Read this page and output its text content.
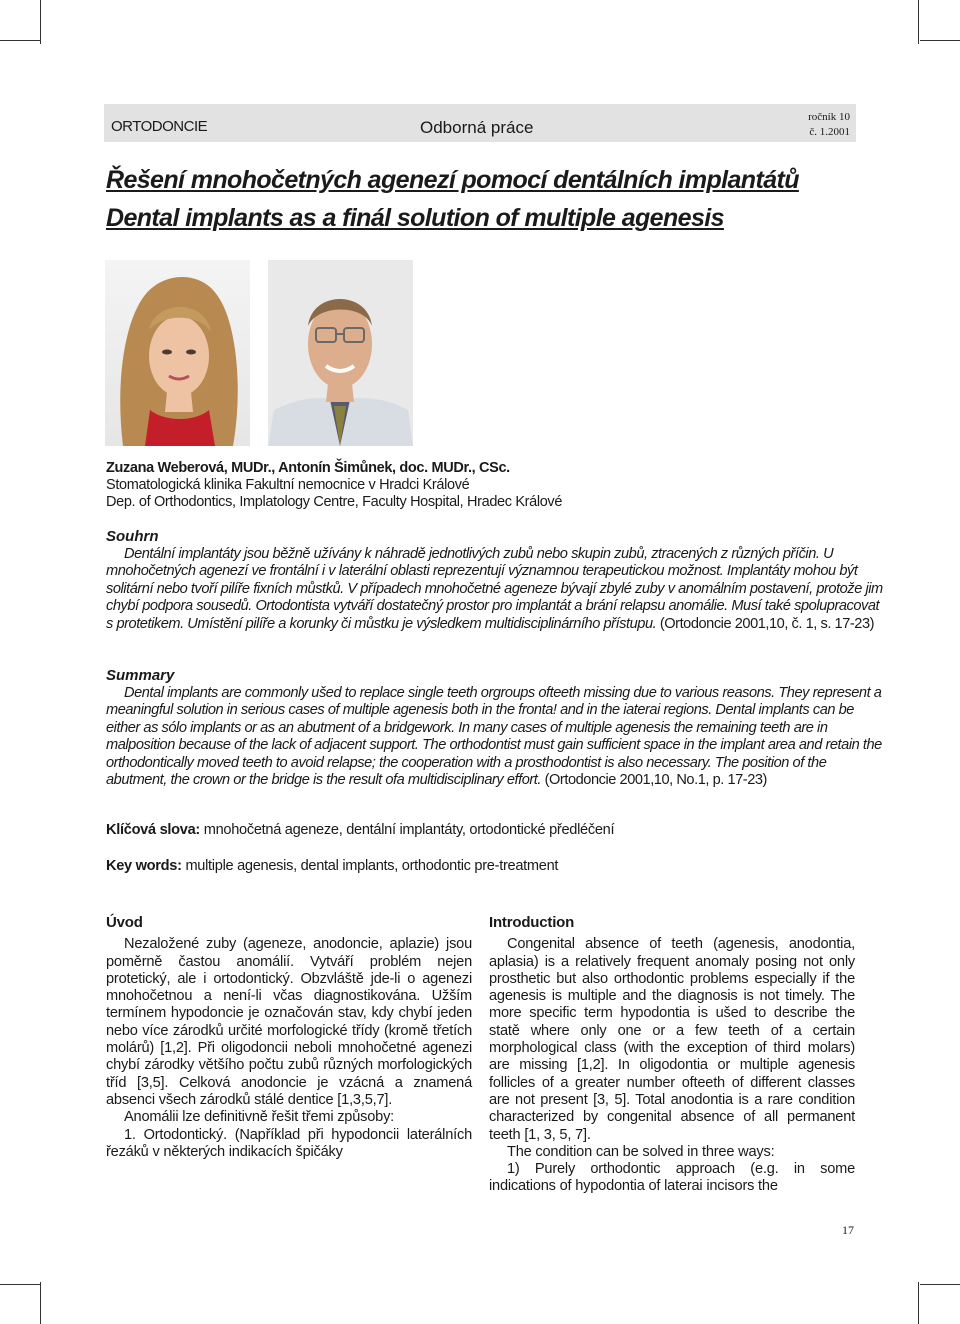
ORTODONCIE	Odborná práce
ročník 10
č. 1.2001
Řešení mnohočetných agenezí pomocí dentálních implantátů
Dental implants as a finál solution of multiple agenesis
Zuzana Weberová, MUDr., Antonín Šimůnek, doc. MUDr., CSc.
Stomatologická klinika Fakultní nemocnice v Hradci Králové
Dep. of Orthodontics, Implatology Centre, Faculty Hospital, Hradec Králové
Souhrn

Dentální implantáty jsou běžně užívány k náhradě jednotlivých zubů nebo skupin zubů, ztracených z různých příčin. U mnohočetných agenezí ve frontální i v laterální oblasti reprezentují významnou terapeutickou možnost. Implantáty mohou být solitární nebo tvoří pilíře fixních můstků. V případech mnohočetné ageneze bývají zbylé zuby v anomálním postavení, protože jim chybí podpora sousedů. Ortodontista vytváří dostatečný prostor pro implantát a brání relapsu anomálie. Musí také spolupracovat s protetikem. Umístění pilíře a korunky či můstku je výsledkem multidisciplinárního přístupu. (Ortodoncie 2001,10, č. 1, s. 17-23)

Summary

Dental implants are commonly ušed to replace single teeth orgroups ofteeth missing due to various reasons. They represent a meaningful solution in serious cases of multiple agenesis both in the fronta! and in the iaterai regions. Dental implants can be either as sólo implants or as an abutment of a bridgework. In many cases of multiple agenesis the remaining teeth are in malposition because of the lack of adjacent support. The orthodontist must gain sufficient space in the implant area and retain the orthodontically moved teeth to avoid relapse; the cooperation with a prosthodontist is also necessary. The position of the abutment, the crown or the bridge is the result ofa multidisciplinary effort. (Ortodoncie 2001,10, No.1, p. 17-23)

Klíčová slova: mnohočetná ageneze, dentální implantáty, ortodontické předléčení
Key words: multiple agenesis, dental implants, orthodontic pre-treatment
Úvod

Nezaložené zuby (ageneze, anodoncie, aplazie) jsou poměrně častou anomálií. Vytváří problém nejen protetický, ale i ortodontický. Obzvláště jde-li o agenezi mnohočetnou a není-li včas diagnostikována. Užším termínem hypodoncie je označován stav, kdy chybí jeden nebo více zárodků určité morfologické třídy (kromě třetích molárů) [1,2]. Při oligodoncii neboli mnohočetné agenezi chybí zárodky většího počtu zubů různých morfologických tříd [3,5]. Celková anodoncie je vzácná a znamená absenci všech zárodků stálé dentice [1,3,5,7].

Anomálii lze definitivně řešit třemi způsoby:

1. Ortodontický. (Například při hypodoncii laterálních řezáků v některých indikacích špičáky

Introduction

Congenital absence of teeth (agenesis, anodontia, aplasia) is a relatively frequent anomaly posing not only prosthetic but also orthodontic problems especially if the agenesis is multiple and the diagnosis is not timely. The more specific term hypodontia is ušed to describe the statě where only one or a few teeth of a certain morphological class (with the exception of third molars) are missing [1,2]. In oligodontia or multiple agenesis follicles of a greater number ofteeth of different classes are not present [3, 5]. Total anodontia is a rare condition characterized by congenital absence of all permanent teeth [1, 3, 5, 7].

The condition can be solved in three ways:

1) Purely orthodontic approach (e.g. in some indications of hypodontia of laterai incisors the

17
